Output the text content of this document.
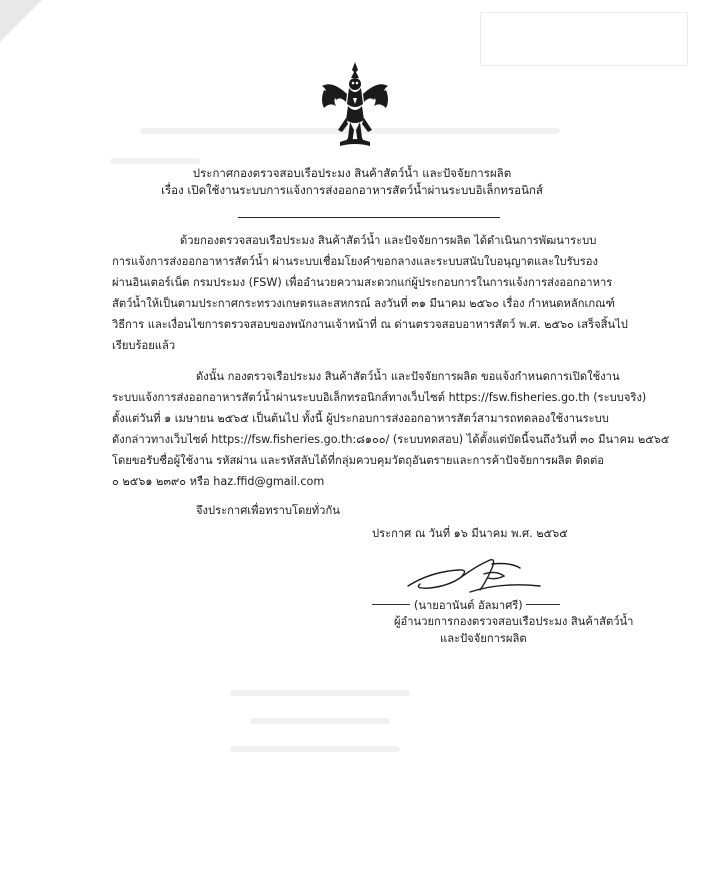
ประกาศกองตรวจสอบเรือประมง สินค้าสัตว์น้ำ และปัจจัยการผลิต
เรื่อง เปิดใช้งานระบบการแจ้งการส่งออกอาหารสัตว์น้ำผ่านระบบอิเล็กทรอนิกส์
ด้วยกองตรวจสอบเรือประมง สินค้าสัตว์น้ำ และปัจจัยการผลิต ได้ดำเนินการพัฒนาระบบ
การแจ้งการส่งออกอาหารสัตว์น้ำ ผ่านระบบเชื่อมโยงคำขอกลางและระบบสนับใบอนุญาตและใบรับรอง
ผ่านอินเตอร์เน็ต กรมประมง (FSW) เพื่ออำนวยความสะดวกแก่ผู้ประกอบการในการแจ้งการส่งออกอาหาร
สัตว์น้ำให้เป็นตามประกาศกระทรวงเกษตรและสหกรณ์ ลงวันที่ ๓๑ มีนาคม ๒๕๖๐ เรื่อง กำหนดหลักเกณฑ์
วิธีการ และเงื่อนไขการตรวจสอบของพนักงานเจ้าหน้าที่ ณ ด่านตรวจสอบอาหารสัตว์ พ.ศ. ๒๕๖๐ เสร็จสิ้นไป
เรียบร้อยแล้ว
ดังนั้น กองตรวจเรือประมง สินค้าสัตว์น้ำ และปัจจัยการผลิต ขอแจ้งกำหนดการเปิดใช้งาน
ระบบแจ้งการส่งออกอาหารสัตว์น้ำผ่านระบบอิเล็กทรอนิกส์ทางเว็บไซต์ https://fsw.fisheries.go.th (ระบบจริง)
ตั้งแต่วันที่ ๑ เมษายน ๒๕๖๕ เป็นต้นไป ทั้งนี้ ผู้ประกอบการส่งออกอาหารสัตว์สามารถทดลองใช้งานระบบ
ดังกล่าวทางเว็บไซต์ https://fsw.fisheries.go.th:๘๑๐๐/ (ระบบทดสอบ) ได้ตั้งแต่บัดนี้จนถึงวันที่ ๓๐ มีนาคม ๒๕๖๕
โดยขอรับชื่อผู้ใช้งาน รหัสผ่าน และรหัสลับได้ที่กลุ่มควบคุมวัตถุอันตรายและการค้าปัจจัยการผลิต ติดต่อ
๐ ๒๕๖๑ ๒๓๙๐ หรือ haz.ffid@gmail.com
จึงประกาศเพื่อทราบโดยทั่วกัน
ประกาศ ณ วันที่ ๑๖ มีนาคม พ.ศ. ๒๕๖๕
(นายอานันต์ อัลมาศรี)
ผู้อำนวยการกองตรวจสอบเรือประมง สินค้าสัตว์น้ำ
และปัจจัยการผลิต
